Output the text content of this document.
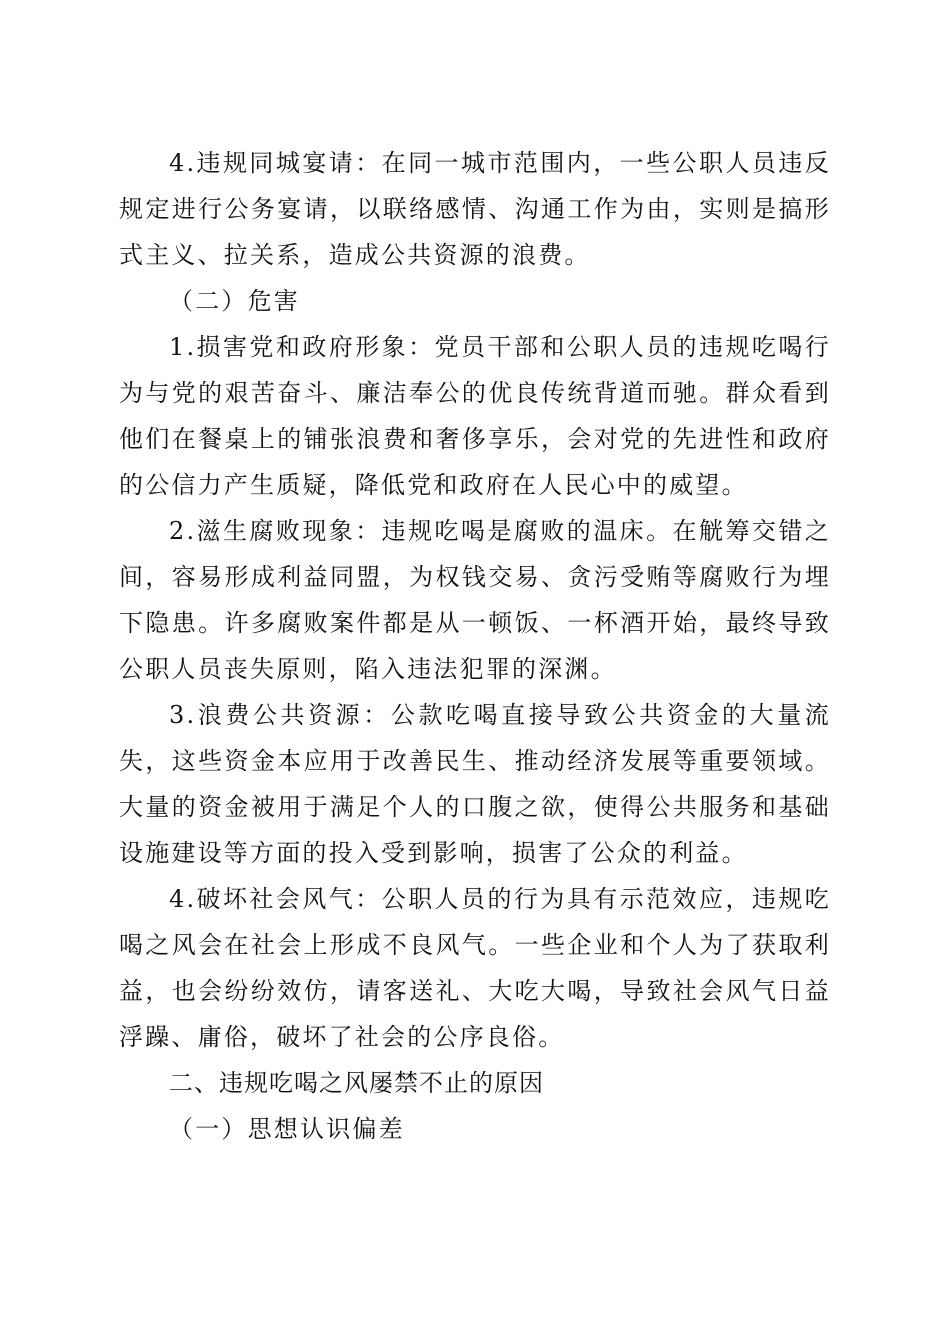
4.违规同城宴请：在同一城市范围内，一些公职人员违反规定进行公务宴请，以联络感情、沟通工作为由，实则是搞形式主义、拉关系，造成公共资源的浪费。

（二）危害

1.损害党和政府形象：党员干部和公职人员的违规吃喝行为与党的艰苦奋斗、廉洁奉公的优良传统背道而驰。群众看到他们在餐桌上的铺张浪费和奢侈享乐，会对党的先进性和政府的公信力产生质疑，降低党和政府在人民心中的威望。

2.滋生腐败现象：违规吃喝是腐败的温床。在觥筹交错之间，容易形成利益同盟，为权钱交易、贪污受贿等腐败行为埋下隐患。许多腐败案件都是从一顿饭、一杯酒开始，最终导致公职人员丧失原则，陷入违法犯罪的深渊。

3.浪费公共资源：公款吃喝直接导致公共资金的大量流失，这些资金本应用于改善民生、推动经济发展等重要领域。大量的资金被用于满足个人的口腹之欲，使得公共服务和基础设施建设等方面的投入受到影响，损害了公众的利益。

4.破坏社会风气：公职人员的行为具有示范效应，违规吃喝之风会在社会上形成不良风气。一些企业和个人为了获取利益，也会纷纷效仿，请客送礼、大吃大喝，导致社会风气日益浮躁、庸俗，破坏了社会的公序良俗。

二、违规吃喝之风屡禁不止的原因

（一）思想认识偏差
